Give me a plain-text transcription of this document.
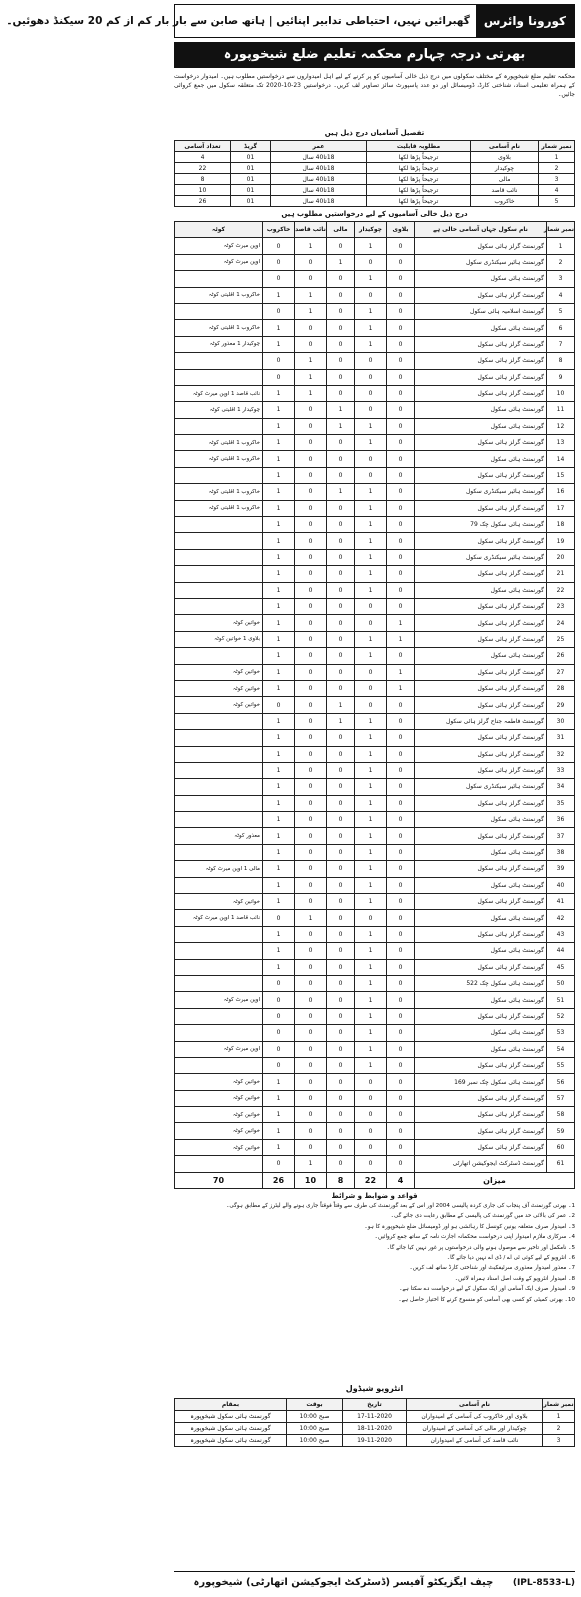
کورونا وائرس
گھبرائیں نہیں، احتیاطی تدابیر اپنائیں | ہاتھ صابن سے بار بار کم از کم 20 سیکنڈ دھوئیں۔
بھرتی درجہ چہارم محکمہ تعلیم ضلع شیخوپورہ
محکمہ تعلیم ضلع شیخوپورہ کے مختلف سکولوں میں درج ذیل خالی آسامیوں کو پر کرنے کے لیے اہل امیدواروں سے درخواستیں مطلوب ہیں۔ امیدوار درخواست کے ہمراہ تعلیمی اسناد، شناختی کارڈ، ڈومیسائل اور دو عدد پاسپورٹ سائز تصاویر لف کریں۔ درخواستیں 23-10-2020 تک متعلقہ سکول میں جمع کروائی جائیں۔
تفصیل آسامیاں درج ذیل ہیں
نمبر شمار	نام آسامی	مطلوبہ قابلیت	عمر	گریڈ	تعداد آسامی
1	بلاوی	ترجیحاً پڑھا لکھا	18تا40 سال	01	4
2	چوکیدار	ترجیحاً پڑھا لکھا	18تا40 سال	01	22
3	مالی	ترجیحاً پڑھا لکھا	18تا40 سال	01	8
4	نائب قاصد	ترجیحاً پڑھا لکھا	18تا40 سال	01	10
5	خاکروب	ترجیحاً پڑھا لکھا	18تا40 سال	01	26
درج ذیل خالی آسامیوں کے لیے درخواستیں مطلوب ہیں
نمبر شمار	نام سکول جہاں آسامی خالی ہے	بلاوی	چوکیدار	مالی	نائب قاصد	خاکروب	کوٹہ
1	گورنمنٹ گرلز ہائی سکول	0	1	0	1	0	اوپن میرٹ کوٹہ
2	گورنمنٹ ہائیر سیکنڈری سکول	0	0	1	0	0	اوپن میرٹ کوٹہ
3	گورنمنٹ ہائی سکول	0	1	0	0	0	
4	گورنمنٹ گرلز ہائی سکول	0	0	0	1	1	خاکروب 1 اقلیتی کوٹہ
5	گورنمنٹ اسلامیہ ہائی سکول	0	1	0	1	0	
6	گورنمنٹ ہائی سکول	0	1	0	0	1	خاکروب 1 اقلیتی کوٹہ
7	گورنمنٹ گرلز ہائی سکول	0	1	0	0	1	چوکیدار 1 معذور کوٹہ
8	گورنمنٹ گرلز ہائی سکول	0	0	0	1	0	
9	گورنمنٹ گرلز ہائی سکول	0	0	0	1	0	
10	گورنمنٹ گرلز ہائی سکول	0	0	0	1	1	نائب قاصد 1 اوپن میرٹ کوٹہ
11	گورنمنٹ ہائی سکول	0	0	1	0	1	چوکیدار 1 اقلیتی کوٹہ
12	گورنمنٹ ہائی سکول	0	1	1	0	1	
13	گورنمنٹ گرلز ہائی سکول	0	1	0	0	1	خاکروب 1 اقلیتی کوٹہ
14	گورنمنٹ ہائی سکول	0	0	0	0	1	خاکروب 1 اقلیتی کوٹہ
15	گورنمنٹ گرلز ہائی سکول	0	0	0	0	1	
16	گورنمنٹ ہائیر سیکنڈری سکول	0	1	1	0	1	خاکروب 1 اقلیتی کوٹہ
17	گورنمنٹ گرلز ہائی سکول	0	1	0	0	1	خاکروب 1 اقلیتی کوٹہ
18	گورنمنٹ ہائی سکول چک 79	0	1	0	0	1	
19	گورنمنٹ گرلز ہائی سکول	0	1	0	0	1	
20	گورنمنٹ ہائیر سیکنڈری سکول	0	1	0	0	1	
21	گورنمنٹ گرلز ہائی سکول	0	1	0	0	1	
22	گورنمنٹ ہائی سکول	0	1	0	0	1	
23	گورنمنٹ گرلز ہائی سکول	0	0	0	0	1	
24	گورنمنٹ گرلز ہائی سکول	1	0	0	0	1	خواتین کوٹہ
25	گورنمنٹ گرلز ہائی سکول	1	1	0	0	1	بلاوی 1 خواتین کوٹہ
26	گورنمنٹ ہائی سکول	0	1	0	0	1	
27	گورنمنٹ گرلز ہائی سکول	1	0	0	0	1	خواتین کوٹہ
28	گورنمنٹ گرلز ہائی سکول	1	0	0	0	1	خواتین کوٹہ
29	گورنمنٹ گرلز ہائی سکول	0	0	1	0	0	خواتین کوٹہ
30	گورنمنٹ فاطمہ جناح گرلز ہائی سکول	0	1	1	0	1	
31	گورنمنٹ گرلز ہائی سکول	0	1	0	0	1	
32	گورنمنٹ گرلز ہائی سکول	0	1	0	0	1	
33	گورنمنٹ گرلز ہائی سکول	0	1	0	0	1	
34	گورنمنٹ ہائیر سیکنڈری سکول	0	1	0	0	1	
35	گورنمنٹ گرلز ہائی سکول	0	1	0	0	1	
36	گورنمنٹ ہائی سکول	0	1	0	0	1	
37	گورنمنٹ گرلز ہائی سکول	0	1	0	0	1	معذور کوٹہ
38	گورنمنٹ ہائی سکول	0	1	0	0	1	
39	گورنمنٹ گرلز ہائی سکول	0	1	0	0	1	مالی 1 اوپن میرٹ کوٹہ
40	گورنمنٹ ہائی سکول	0	1	0	0	1	
41	گورنمنٹ گرلز ہائی سکول	0	1	0	0	1	خواتین کوٹہ
42	گورنمنٹ ہائی سکول	0	0	0	1	0	نائب قاصد 1 اوپن میرٹ کوٹہ
43	گورنمنٹ گرلز ہائی سکول	0	1	0	0	1	
44	گورنمنٹ ہائی سکول	0	1	0	0	1	
45	گورنمنٹ گرلز ہائی سکول	0	1	0	0	1	
50	گورنمنٹ ہائی سکول چک 522	0	1	0	0	0	
51	گورنمنٹ ہائی سکول	0	1	0	0	0	اوپن میرٹ کوٹہ
52	گورنمنٹ گرلز ہائی سکول	0	1	0	0	0	
53	گورنمنٹ ہائی سکول	0	1	0	0	0	
54	گورنمنٹ ہائی سکول	0	1	0	0	0	اوپن میرٹ کوٹہ
55	گورنمنٹ گرلز ہائی سکول	0	1	0	0	0	
56	گورنمنٹ ہائی سکول چک نمبر 169	0	0	0	0	1	خواتین کوٹہ
57	گورنمنٹ گرلز ہائی سکول	0	0	0	0	1	خواتین کوٹہ
58	گورنمنٹ گرلز ہائی سکول	0	0	0	0	1	خواتین کوٹہ
59	گورنمنٹ گرلز ہائی سکول	0	0	0	0	1	خواتین کوٹہ
60	گورنمنٹ گرلز ہائی سکول	0	0	0	0	1	خواتین کوٹہ
61	گورنمنٹ ڈسٹرکٹ ایجوکیشن اتھارٹی	0	0	0	1	0	
میزان		4	22	8	10	26	70
قواعد و ضوابط و شرائط

1۔ بھرتی گورنمنٹ آف پنجاب کی جاری کردہ پالیسی 2004 اور اس کے بعد گورنمنٹ کی طرف سے وقتاً فوقتاً جاری ہونے والے لیٹرز کے مطابق ہوگی۔

2۔ عمر کی بالائی حد میں گورنمنٹ کی پالیسی کے مطابق رعایت دی جائے گی۔

3۔ امیدوار صرف متعلقہ یونین کونسل کا رہائشی ہو اور ڈومیسائل ضلع شیخوپورہ کا ہو۔

4۔ سرکاری ملازم امیدوار اپنی درخواست محکمانہ اجازت نامہ کے ساتھ جمع کروائیں۔

5۔ نامکمل اور تاخیر سے موصول ہونے والی درخواستوں پر غور نہیں کیا جائے گا۔

6۔ انٹرویو کے لیے کوئی ٹی اے / ڈی اے نہیں دیا جائے گا۔

7۔ معذور امیدوار معذوری سرٹیفکیٹ اور شناختی کارڈ ساتھ لف کریں۔

8۔ امیدوار انٹرویو کے وقت اصل اسناد ہمراہ لائیں۔

9۔ امیدوار صرف ایک آسامی اور ایک سکول کے لیے درخواست دے سکتا ہے۔

10۔ بھرتی کمیٹی کو کسی بھی آسامی کو منسوخ کرنے کا اختیار حاصل ہے۔

انٹرویو شیڈول
نمبر شمار	نام آسامی	تاریخ	بوقت	بمقام
1	بلاوی اور خاکروب کی آسامی کے امیدواران	17-11-2020	صبح 10:00	گورنمنٹ ہائی سکول شیخوپورہ
2	چوکیدار اور مالی کی آسامی کے امیدواران	18-11-2020	صبح 10:00	گورنمنٹ ہائی سکول شیخوپورہ
3	نائب قاصد کی آسامی کے امیدواران	19-11-2020	صبح 10:00	گورنمنٹ ہائی سکول شیخوپورہ
(IPL-8533-L)
چیف ایگزیکٹو آفیسر (ڈسٹرکٹ ایجوکیشن اتھارٹی) شیخوپورہ
